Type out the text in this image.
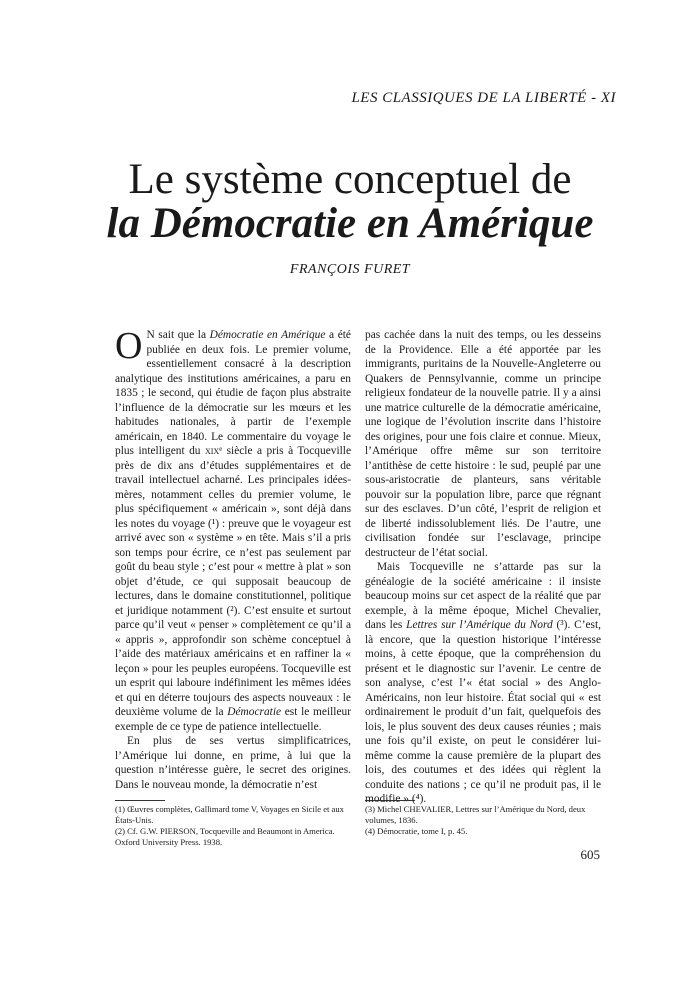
LES CLASSIQUES DE LA LIBERTÉ - XI
Le système conceptuel de
la Démocratie en Amérique
FRANÇOIS FURET

O N sait que la Démocratie en Amérique a été publiée en deux fois. Le premier volume, essentiellement consacré à la description analytique des institutions américaines, a paru en 1835 ; le second, qui étudie de façon plus abstraite l’influence de la démocratie sur les mœurs et les habitudes nationales, à partir de l’exemple américain, en 1840. Le commentaire du voyage le plus intelligent du xixᵉ siècle a pris à Tocqueville près de dix ans d’études supplémentaires et de travail intellectuel acharné. Les principales idées-mères, notamment celles du premier volume, le plus spécifiquement « américain », sont déjà dans les notes du voyage (¹) : preuve que le voyageur est arrivé avec son « système » en tête. Mais s’il a pris son temps pour écrire, ce n’est pas seulement par goût du beau style ; c’est pour « mettre à plat » son objet d’étude, ce qui supposait beaucoup de lectures, dans le domaine constitutionnel, politique et juridique notamment (²). C’est ensuite et surtout parce qu’il veut « penser » complètement ce qu’il a « appris », approfondir son schème conceptuel à l’aide des matériaux américains et en raffiner la « leçon » pour les peuples européens. Tocqueville est un esprit qui laboure indéfiniment les mêmes idées et qui en déterre toujours des aspects nouveaux : le deuxième volume de la Démocratie est le meilleur exemple de ce type de patience intellectuelle.

En plus de ses vertus simplificatrices, l’Amérique lui donne, en prime, à lui que la question n’intéresse guère, le secret des origines. Dans le nouveau monde, la démocratie n’est

pas cachée dans la nuit des temps, ou les desseins de la Providence. Elle a été apportée par les immigrants, puritains de la Nouvelle-Angleterre ou Quakers de Pennsylvannie, comme un principe religieux fondateur de la nouvelle patrie. Il y a ainsi une matrice culturelle de la démocratie américaine, une logique de l’évolution inscrite dans l’histoire des origines, pour une fois claire et connue. Mieux, l’Amérique offre même sur son territoire l’antithèse de cette histoire : le sud, peuplé par une sous-aristocratie de planteurs, sans véritable pouvoir sur la population libre, parce que régnant sur des esclaves. D’un côté, l’esprit de religion et de liberté indissolublement liés. De l’autre, une civilisation fondée sur l’esclavage, principe destructeur de l’état social.

Mais Tocqueville ne s’attarde pas sur la généalogie de la société américaine : il insiste beaucoup moins sur cet aspect de la réalité que par exemple, à la même époque, Michel Chevalier, dans les Lettres sur l’Amérique du Nord (³). C’est, là encore, que la question historique l’intéresse moins, à cette époque, que la compréhension du présent et le diagnostic sur l’avenir. Le centre de son analyse, c’est l’« état social » des Anglo-Américains, non leur histoire. État social qui « est ordinairement le produit d’un fait, quelquefois des lois, le plus souvent des deux causes réunies ; mais une fois qu’il existe, on peut le considérer lui-même comme la cause première de la plupart des lois, des coutumes et des idées qui règlent la conduite des nations ; ce qu’il ne produit pas, il le modifie » (⁴).

(1) Œuvres complètes, Gallimard tome V, Voyages en Sicile et aux États-Unis.
(2) Cf. G.W. PIERSON, Tocqueville and Beaumont in America. Oxford University Press. 1938.
(3) Michel CHEVALIER, Lettres sur l’Amérique du Nord, deux volumes, 1836.
(4) Démocratie, tome I, p. 45.
605
